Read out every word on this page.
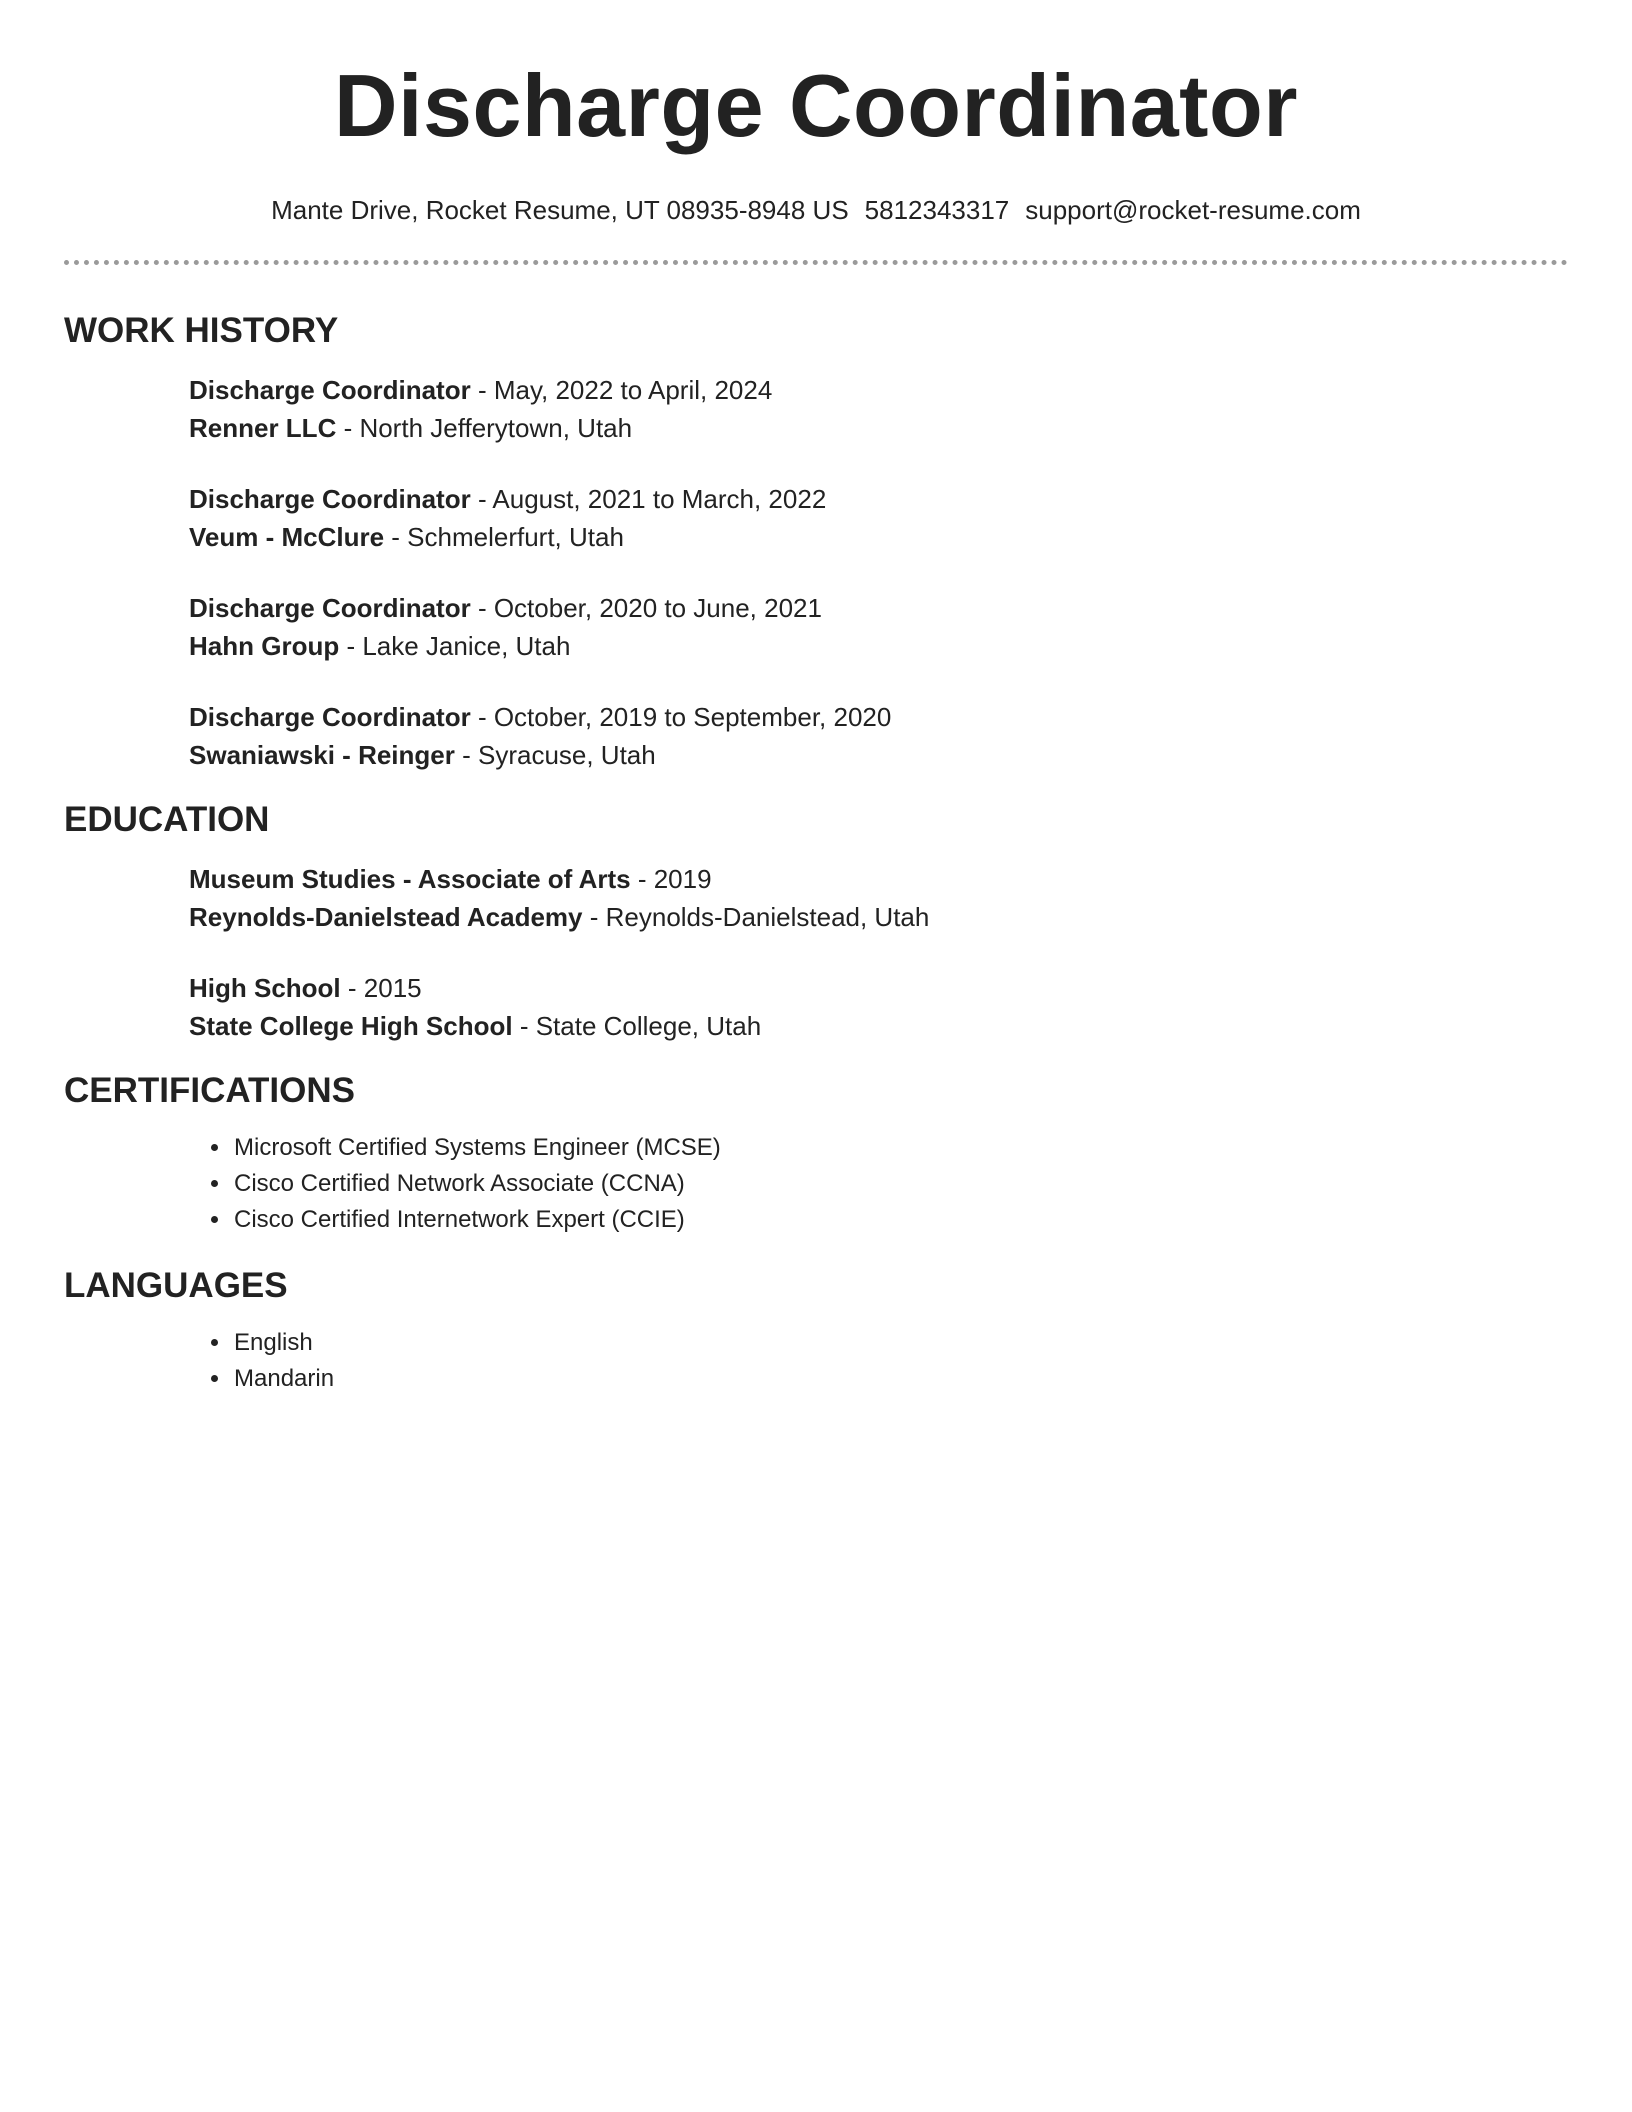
Discharge Coordinator
Mante Drive, Rocket Resume, UT 08935-8948 US 5812343317 support@rocket-resume.com
WORK HISTORY
Discharge Coordinator - May, 2022 to April, 2024
Renner LLC - North Jefferytown, Utah
Discharge Coordinator - August, 2021 to March, 2022
Veum - McClure - Schmelerfurt, Utah
Discharge Coordinator - October, 2020 to June, 2021
Hahn Group - Lake Janice, Utah
Discharge Coordinator - October, 2019 to September, 2020
Swaniawski - Reinger - Syracuse, Utah
EDUCATION
Museum Studies - Associate of Arts - 2019
Reynolds-Danielstead Academy - Reynolds-Danielstead, Utah
High School - 2015
State College High School - State College, Utah
CERTIFICATIONS
• Microsoft Certified Systems Engineer (MCSE)
• Cisco Certified Network Associate (CCNA)
• Cisco Certified Internetwork Expert (CCIE)
LANGUAGES
• English
• Mandarin
